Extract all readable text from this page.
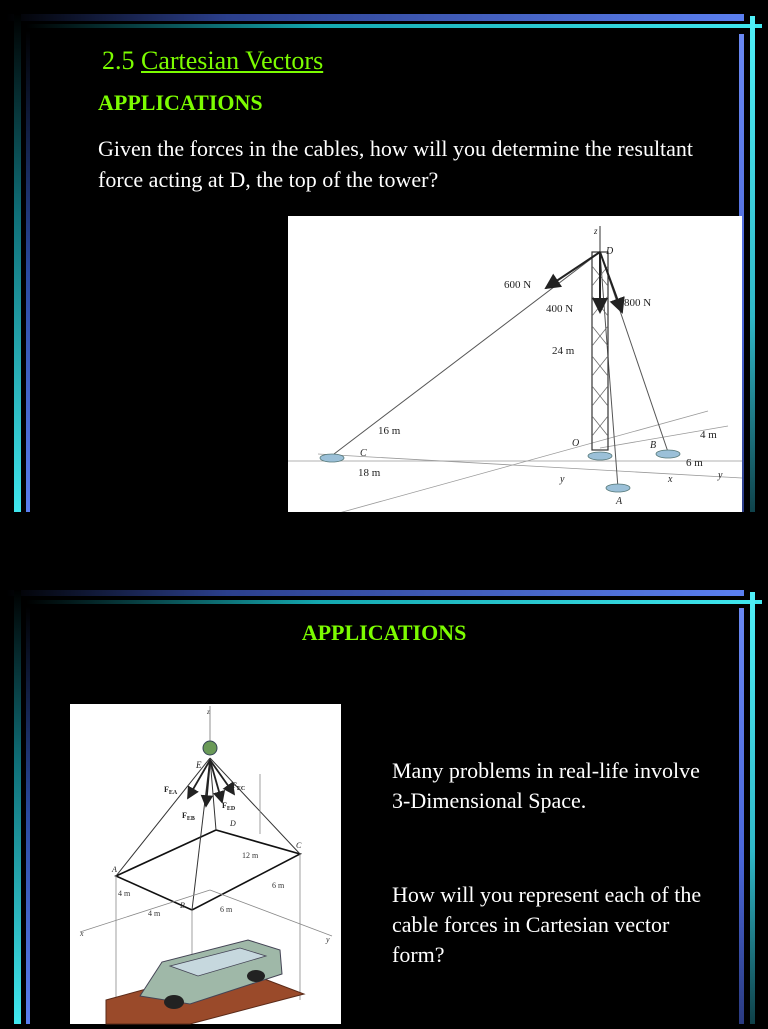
2.5 Cartesian Vectors
APPLICATIONS
Given the forces in the cables, how will you determine the resultant force acting at D, the top of the tower?
z
D
600 N
400 N	800 N
24 m
16 m
C
18 m
O	B
4 m
6 m
y
x
y
A
APPLICATIONS
z
E
$F_{EA}$
$F_{EC}$
$F_{EB}$
$F_{ED}$
D
12 m
C
A
6 m
4 m
B
4 m	6 m
x
y
Many problems in real-life involve 3-Dimensional Space.
How will you represent each of the cable forces in Cartesian vector form?
